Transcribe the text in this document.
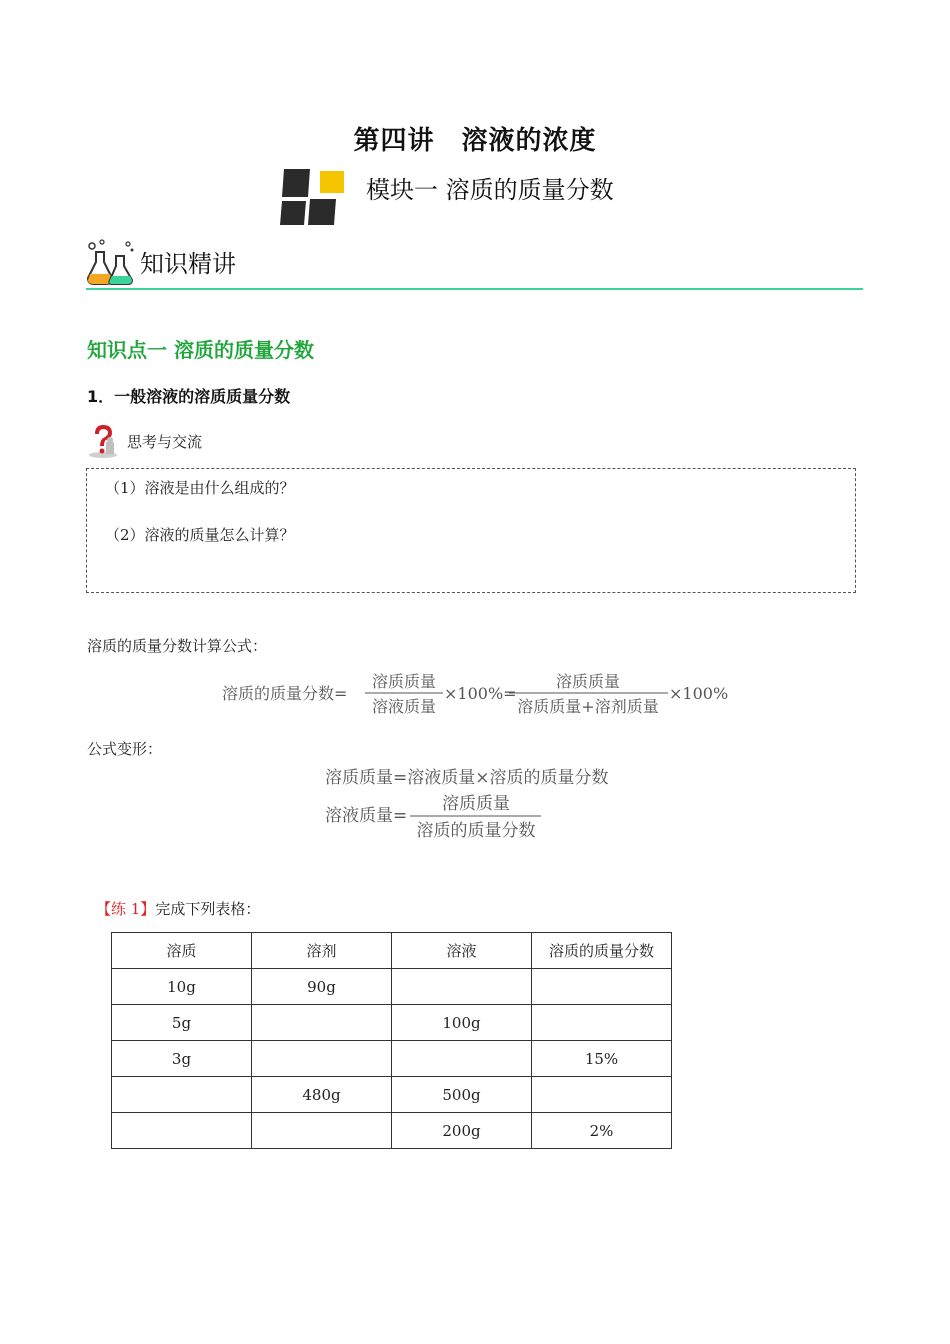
第四讲　溶液的浓度
模块一 溶质的质量分数
知识精讲
知识点一 溶质的质量分数
1．一般溶液的溶质质量分数
思考与交流
（1）溶液是由什么组成的？
（2）溶液的质量怎么计算？
溶质的质量分数计算公式：
溶质的质量分数=
溶质质量
溶液质量
×100%=
溶质质量
溶质质量+溶剂质量
×100%
公式变形：
溶质质量=溶液质量×溶质的质量分数
溶液质量=
溶质质量
溶质的质量分数
【练 1】完成下列表格：
溶质	溶剂	溶液	溶质的质量分数
10g	90g		
5g		100g	
3g			15%
	480g	500g	
		200g	2%
